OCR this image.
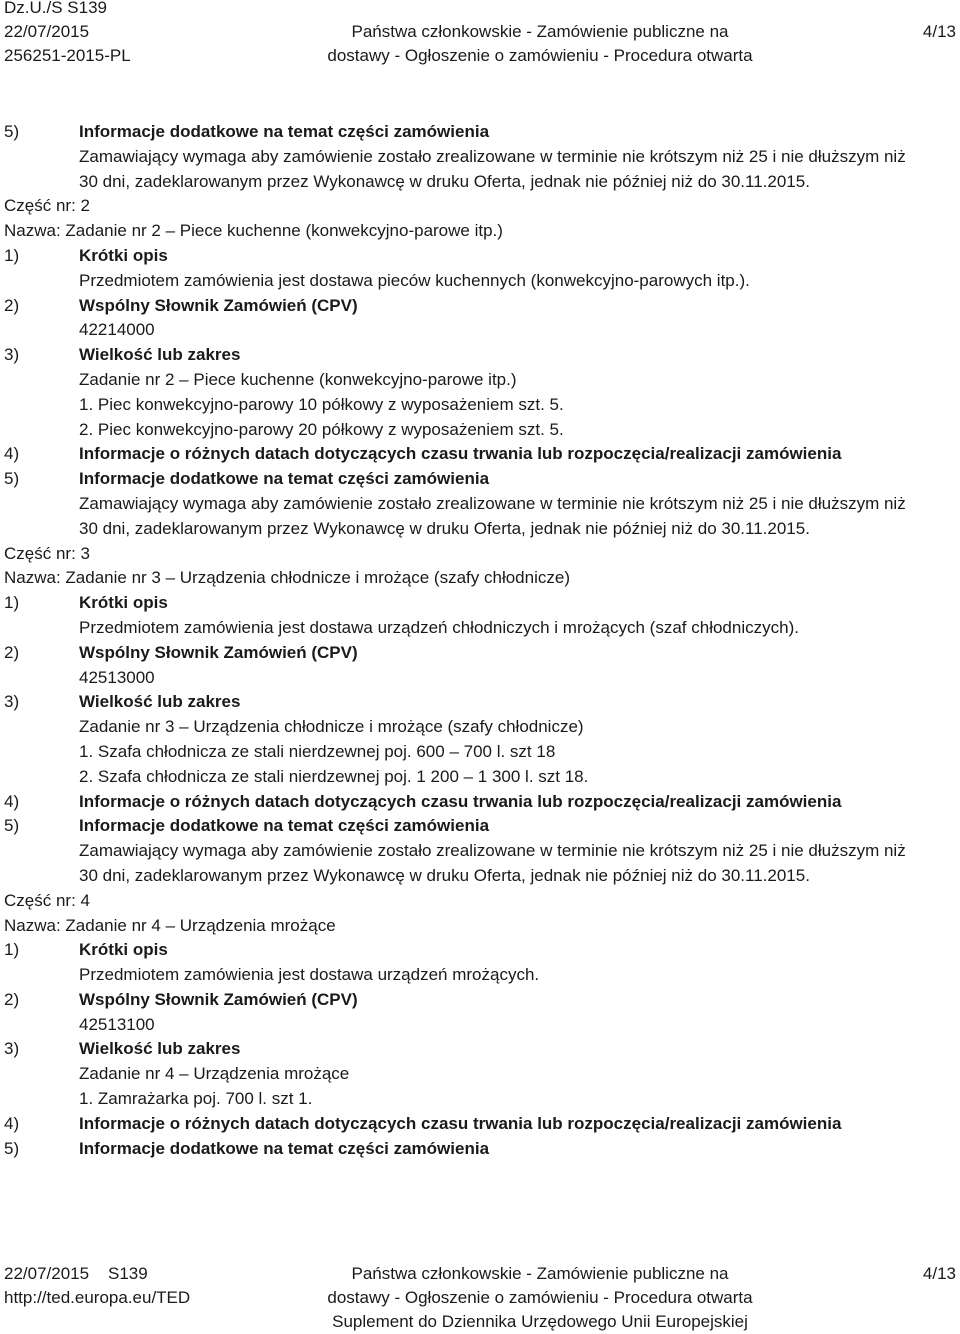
Dz.U./S S139
22/07/2015
256251-2015-PL
Państwa członkowskie - Zamówienie publiczne na
dostawy - Ogłoszenie o zamówieniu - Procedura otwarta
4/13
5)	Informacje dodatkowe na temat części zamówienia
Zamawiający wymaga aby zamówienie zostało zrealizowane w terminie nie krótszym niż 25 i nie dłuższym niż
30 dni, zadeklarowanym przez Wykonawcę w druku Oferta, jednak nie później niż do 30.11.2015.
Część nr: 2
Nazwa: Zadanie nr 2 – Piece kuchenne (konwekcyjno-parowe itp.)
1)	Krótki opis
Przedmiotem zamówienia jest dostawa pieców kuchennych (konwekcyjno-parowych itp.).
2)	Wspólny Słownik Zamówień (CPV)
42214000
3)	Wielkość lub zakres
Zadanie nr 2 – Piece kuchenne (konwekcyjno-parowe itp.)
1. Piec konwekcyjno-parowy 10 półkowy z wyposażeniem szt. 5.
2. Piec konwekcyjno-parowy 20 półkowy z wyposażeniem szt. 5.
4)	Informacje o różnych datach dotyczących czasu trwania lub rozpoczęcia/realizacji zamówienia
5)	Informacje dodatkowe na temat części zamówienia
Zamawiający wymaga aby zamówienie zostało zrealizowane w terminie nie krótszym niż 25 i nie dłuższym niż
30 dni, zadeklarowanym przez Wykonawcę w druku Oferta, jednak nie później niż do 30.11.2015.
Część nr: 3
Nazwa: Zadanie nr 3 – Urządzenia chłodnicze i mrożące (szafy chłodnicze)
1)	Krótki opis
Przedmiotem zamówienia jest dostawa urządzeń chłodniczych i mrożących (szaf chłodniczych).
2)	Wspólny Słownik Zamówień (CPV)
42513000
3)	Wielkość lub zakres
Zadanie nr 3 – Urządzenia chłodnicze i mrożące (szafy chłodnicze)
1. Szafa chłodnicza ze stali nierdzewnej poj. 600 – 700 l. szt 18
2. Szafa chłodnicza ze stali nierdzewnej poj. 1 200 – 1 300 l. szt 18.
4)	Informacje o różnych datach dotyczących czasu trwania lub rozpoczęcia/realizacji zamówienia
5)	Informacje dodatkowe na temat części zamówienia
Zamawiający wymaga aby zamówienie zostało zrealizowane w terminie nie krótszym niż 25 i nie dłuższym niż
30 dni, zadeklarowanym przez Wykonawcę w druku Oferta, jednak nie później niż do 30.11.2015.
Część nr: 4
Nazwa: Zadanie nr 4 – Urządzenia mrożące
1)	Krótki opis
Przedmiotem zamówienia jest dostawa urządzeń mrożących.
2)	Wspólny Słownik Zamówień (CPV)
42513100
3)	Wielkość lub zakres
Zadanie nr 4 – Urządzenia mrożące
1. Zamrażarka poj. 700 l. szt 1.
4)	Informacje o różnych datach dotyczących czasu trwania lub rozpoczęcia/realizacji zamówienia
5)	Informacje dodatkowe na temat części zamówienia
22/07/2015    S139
http://ted.europa.eu/TED
Państwa członkowskie - Zamówienie publiczne na
dostawy - Ogłoszenie o zamówieniu - Procedura otwarta
Suplement do Dziennika Urzędowego Unii Europejskiej
4/13
